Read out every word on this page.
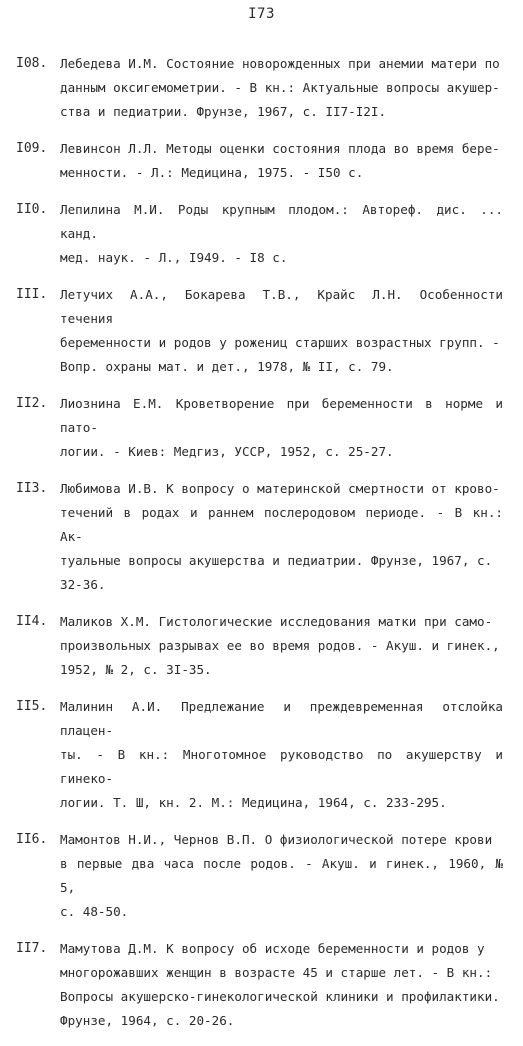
I73
I08. Лебедева И.М. Состояние новорожденных при анемии матери по
данным оксигемометрии. - В кн.: Актуальные вопросы акушер-
ства и педиатрии. Фрунзе, 1967, с. II7-I2I.
I09. Левинсон Л.Л. Методы оценки состояния плода во время бере-
менности. - Л.: Медицина, 1975. - I50 с.
II0. Лепилина М.И. Роды крупным плодом.: Автореф. дис. ... канд.
мед. наук. - Л., I949. - I8 с.
III. Летучих А.А., Бокарева Т.В., Крайс Л.Н. Особенности течения
беременности и родов у рожениц старших возрастных групп. -
Вопр. охраны мат. и дет., 1978, № II, с. 79.
II2. Лиознина Е.М. Кроветворение при беременности в норме и пато-
логии. - Киев: Медгиз, УССР, 1952, с. 25-27.
II3. Любимова И.В. К вопросу о материнской смертности от крово-
течений в родах и раннем послеродовом периоде. - В кн.: Ак-
туальные вопросы акушерства и педиатрии. Фрунзе, 1967, с.
32-36.
II4. Маликов Х.М. Гистологические исследования матки при само-
произвольных разрывах ее во время родов. - Акуш. и гинек.,
1952, № 2, с. 3I-35.
II5. Малинин А.И. Предлежание и преждевременная отслойка плацен-
ты. - В кн.: Многотомное руководство по акушерству и гинеко-
логии. Т. Ш, кн. 2. М.: Медицина, 1964, с. 233-295.
II6. Мамонтов Н.И., Чернов В.П. О физиологической потере крови
в первые два часа после родов. - Акуш. и гинек., 1960, № 5,
с. 48-50.
II7. Мамутова Д.М. К вопросу об исходе беременности и родов у
многорожавших женщин в возрасте 45 и старше лет. - В кн.:
Вопросы акушерско-гинекологической клиники и профилактики.
Фрунзе, 1964, с. 20-26.
